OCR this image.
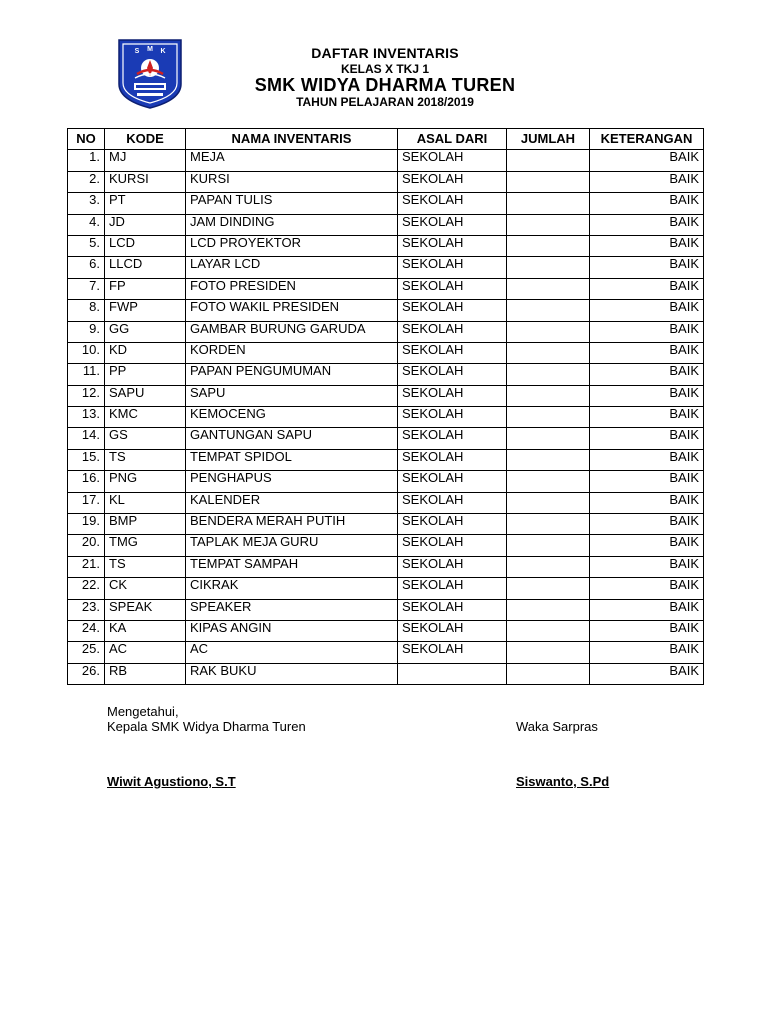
S M K	DAFTAR INVENTARIS
KELAS X TKJ 1
SMK WIDYA DHARMA TUREN
TAHUN PELAJARAN 2018/2019
NO	KODE	NAMA INVENTARIS	ASAL DARI	JUMLAH	KETERANGAN
1.	MJ	MEJA	SEKOLAH		BAIK
2.	KURSI	KURSI	SEKOLAH		BAIK
3.	PT	PAPAN TULIS	SEKOLAH		BAIK
4.	JD	JAM DINDING	SEKOLAH		BAIK
5.	LCD	LCD PROYEKTOR	SEKOLAH		BAIK
6.	LLCD	LAYAR LCD	SEKOLAH		BAIK
7.	FP	FOTO PRESIDEN	SEKOLAH		BAIK
8.	FWP	FOTO WAKIL PRESIDEN	SEKOLAH		BAIK
9.	GG	GAMBAR BURUNG GARUDA	SEKOLAH		BAIK
10.	KD	KORDEN	SEKOLAH		BAIK
11.	PP	PAPAN PENGUMUMAN	SEKOLAH		BAIK
12.	SAPU	SAPU	SEKOLAH		BAIK
13.	KMC	KEMOCENG	SEKOLAH		BAIK
14.	GS	GANTUNGAN SAPU	SEKOLAH		BAIK
15.	TS	TEMPAT SPIDOL	SEKOLAH		BAIK
16.	PNG	PENGHAPUS	SEKOLAH		BAIK
17.	KL	KALENDER	SEKOLAH		BAIK
19.	BMP	BENDERA MERAH PUTIH	SEKOLAH		BAIK
20.	TMG	TAPLAK MEJA GURU	SEKOLAH		BAIK
21.	TS	TEMPAT SAMPAH	SEKOLAH		BAIK
22.	CK	CIKRAK	SEKOLAH		BAIK
23.	SPEAK	SPEAKER	SEKOLAH		BAIK
24.	KA	KIPAS ANGIN	SEKOLAH		BAIK
25.	AC	AC	SEKOLAH		BAIK
26.	RB	RAK BUKU			BAIK
Mengetahui,
Kepala SMK Widya Dharma Turen	Waka Sarpras
Wiwit Agustiono, S.T	Siswanto, S.Pd
